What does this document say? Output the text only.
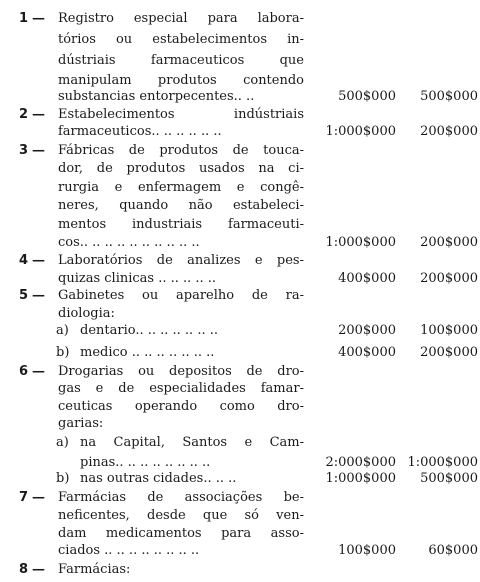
1 — Registro especial para labora-
tórios ou estabelecimentos in-
dústriais farmaceuticos que
manipulam produtos contendo
substancias entorpecentes.. ..	500$000	500$000
2 — Estabelecimentos indústriais
farmaceuticos.. .. .. .. .. ..	1:000$000	200$000
3 — Fábricas de produtos de toucа-
dor, de produtos usados na ci-
rurgia e enfermagem e congê-
neres, quando não estabeleci-
mentos industriais farmaceuti-
cos.. .. .. .. .. .. .. .. .. ..	1:000$000	200$000
4 — Laboratórios de analizes e pes-
quizas clinicas .. .. .. .. ..	400$000	200$000
5 — Gabinetes ou aparelho de ra-
diologia:
a) dentario.. .. .. .. .. .. ..	200$000	100$000
b) medico .. .. .. .. .. .. ..	400$000	200$000
6 — Drogarias ou depositos de dro-
gas e de especialidades famar-
ceuticas operando como dro-
garias:
a) na Capital, Santos e Cam-
pinas.. .. .. .. .. .. .. ..	2:000$000 1:000$000
b) nas outras cidades.. .. ..	1:000$000	500$000
7 — Farmácias de associações be-
neficentes, desde que só ven-
dam medicamentos para asso-
ciados .. .. .. .. .. .. .. ..	100$000	60$000
8 — Farmácias:
